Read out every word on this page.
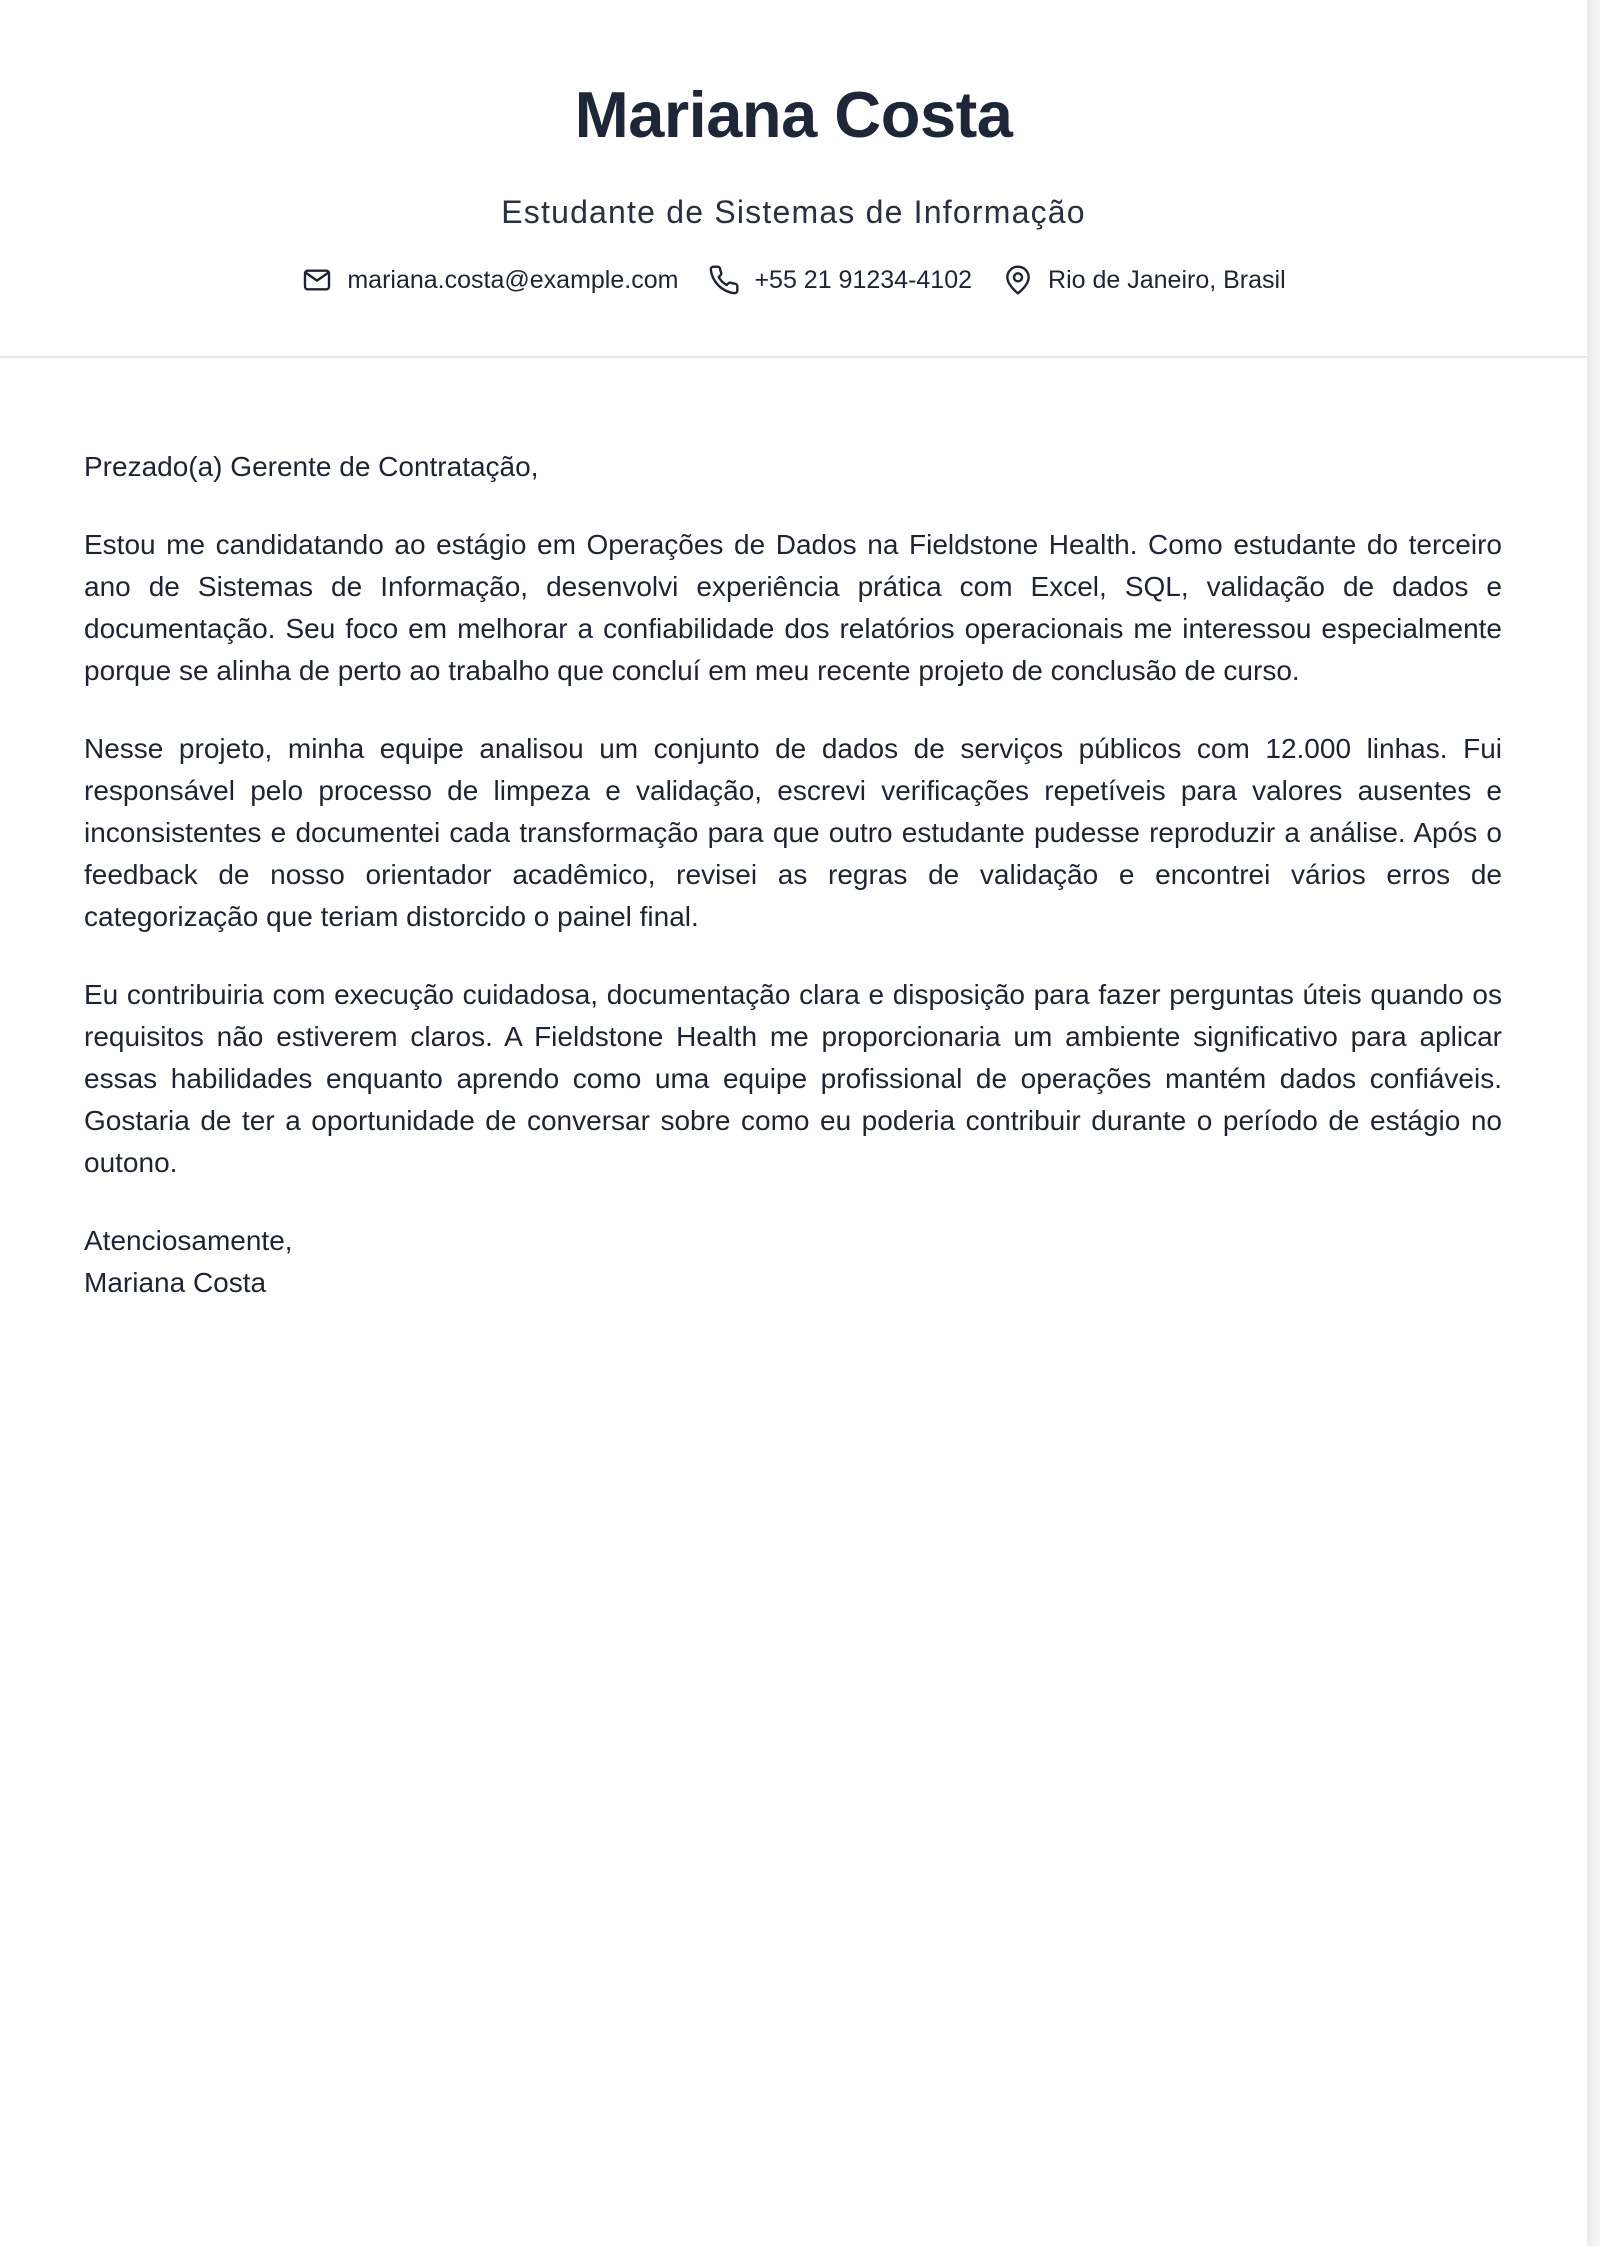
Mariana Costa
Estudante de Sistemas de Informação
mariana.costa@example.com	+55 21 91234-4102	Rio de Janeiro, Brasil

Prezado(a) Gerente de Contratação,

Estou me candidatando ao estágio em Operações de Dados na Fieldstone Health. Como estudante do terceiro ano de Sistemas de Informação, desenvolvi experiência prática com Excel, SQL, validação de dados e documentação. Seu foco em melhorar a confiabilidade dos relatórios operacionais me interessou especialmente porque se alinha de perto ao trabalho que concluí em meu recente projeto de conclusão de curso.

Nesse projeto, minha equipe analisou um conjunto de dados de serviços públicos com 12.000 linhas. Fui responsável pelo processo de limpeza e validação, escrevi verificações repetíveis para valores ausentes e inconsistentes e documentei cada transformação para que outro estudante pudesse reproduzir a análise. Após o feedback de nosso orientador acadêmico, revisei as regras de validação e encontrei vários erros de categorização que teriam distorcido o painel final.

Eu contribuiria com execução cuidadosa, documentação clara e disposição para fazer perguntas úteis quando os requisitos não estiverem claros. A Fieldstone Health me proporcionaria um ambiente significativo para aplicar essas habilidades enquanto aprendo como uma equipe profissional de operações mantém dados confiáveis. Gostaria de ter a oportunidade de conversar sobre como eu poderia contribuir durante o período de estágio no outono.

Atenciosamente,
Mariana Costa
